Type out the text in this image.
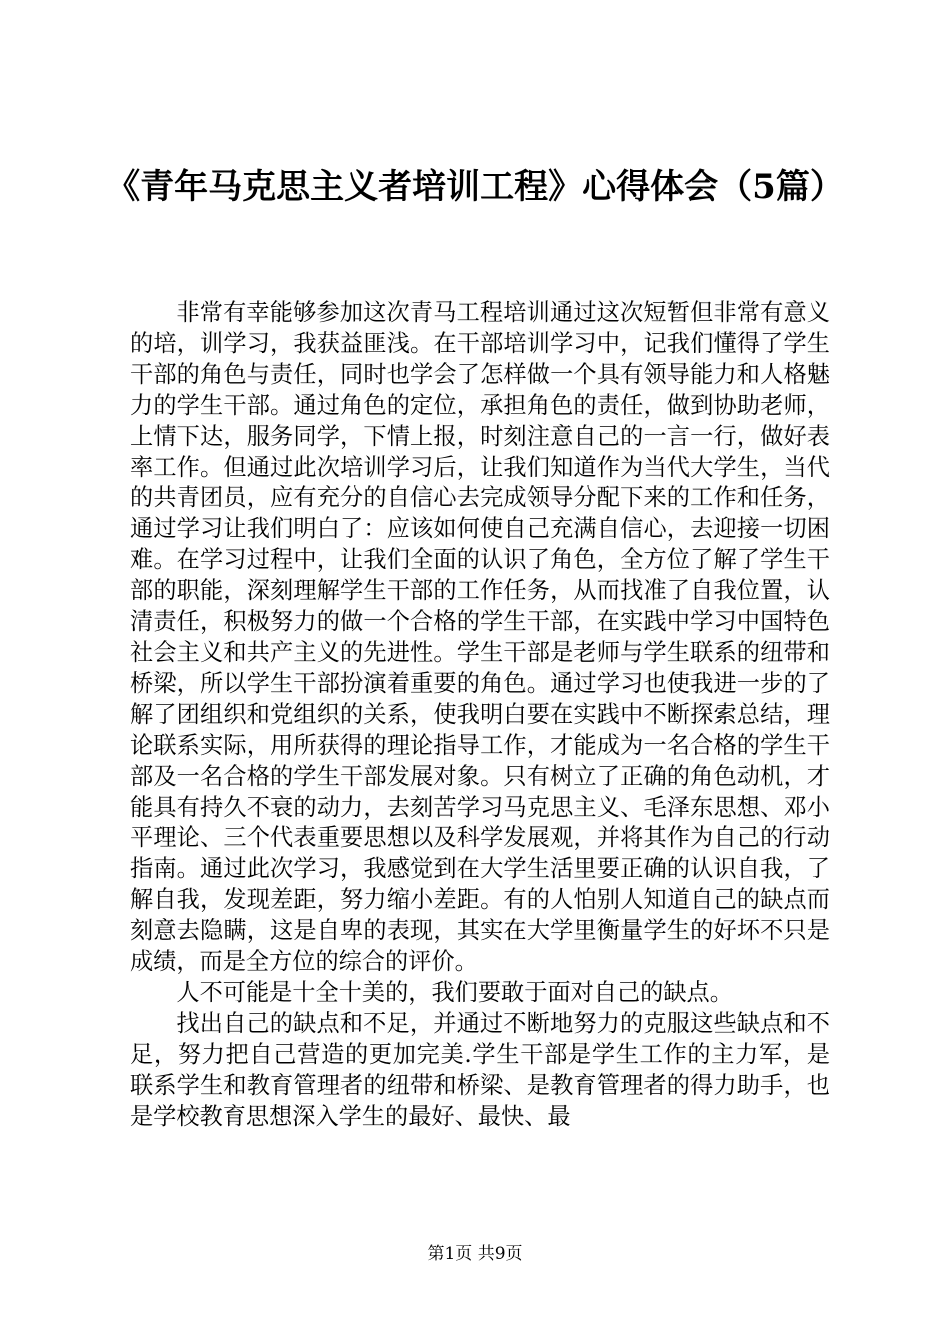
《青年马克思主义者培训工程》心得体会（5篇）

非常有幸能够参加这次青马工程培训通过这次短暂但非常有意义的培，训学习，我获益匪浅。在干部培训学习中，记我们懂得了学生干部的角色与责任，同时也学会了怎样做一个具有领导能力和人格魅力的学生干部。通过角色的定位，承担角色的责任，做到协助老师，上情下达，服务同学，下情上报，时刻注意自己的一言一行，做好表率工作。但通过此次培训学习后，让我们知道作为当代大学生，当代的共青团员，应有充分的自信心去完成领导分配下来的工作和任务，通过学习让我们明白了：应该如何使自己充满自信心，去迎接一切困难。在学习过程中，让我们全面的认识了角色，全方位了解了学生干部的职能，深刻理解学生干部的工作任务，从而找准了自我位置，认清责任，积极努力的做一个合格的学生干部，在实践中学习中国特色社会主义和共产主义的先进性。学生干部是老师与学生联系的纽带和桥梁，所以学生干部扮演着重要的角色。通过学习也使我进一步的了解了团组织和党组织的关系，使我明白要在实践中不断探索总结，理论联系实际，用所获得的理论指导工作，才能成为一名合格的学生干部及一名合格的学生干部发展对象。只有树立了正确的角色动机，才能具有持久不衰的动力，去刻苦学习马克思主义、毛泽东思想、邓小平理论、三个代表重要思想以及科学发展观，并将其作为自己的行动指南。通过此次学习，我感觉到在大学生活里要正确的认识自我，了解自我，发现差距，努力缩小差距。有的人怕别人知道自己的缺点而刻意去隐瞒，这是自卑的表现，其实在大学里衡量学生的好坏不只是成绩，而是全方位的综合的评价。

人不可能是十全十美的，我们要敢于面对自己的缺点。

找出自己的缺点和不足，并通过不断地努力的克服这些缺点和不足，努力把自己营造的更加完美.学生干部是学生工作的主力军，是联系学生和教育管理者的纽带和桥梁、是教育管理者的得力助手，也是学校教育思想深入学生的最好、最快、最

第1页 共9页
